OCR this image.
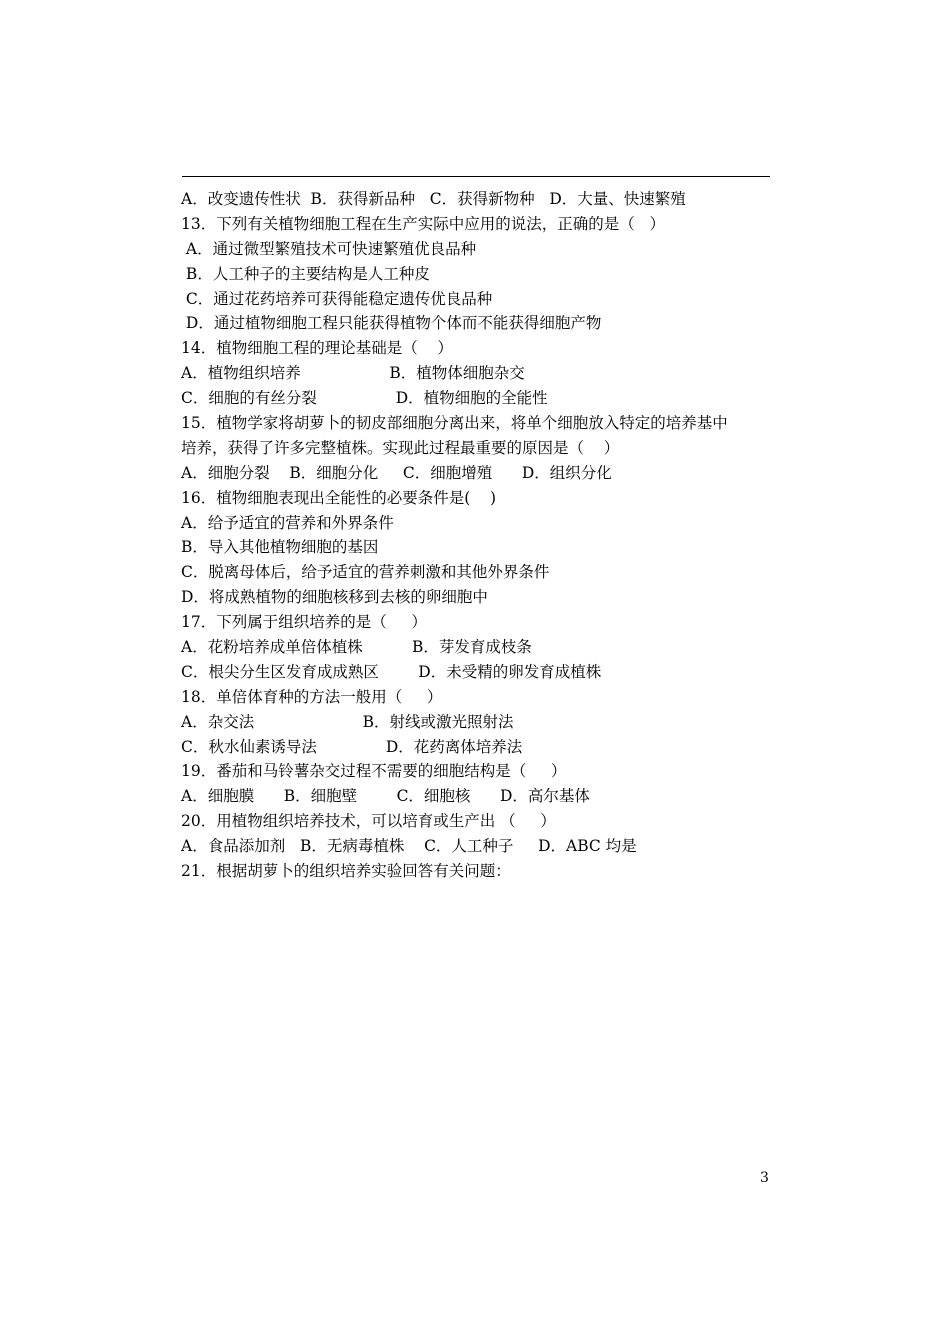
A．改变遗传性状  B．获得新品种   C．获得新物种   D．大量、快速繁殖
13．下列有关植物细胞工程在生产实际中应用的说法，正确的是（   ）
A．通过微型繁殖技术可快速繁殖优良品种
B．人工种子的主要结构是人工种皮
C．通过花药培养可获得能稳定遗传优良品种
D．通过植物细胞工程只能获得植物个体而不能获得细胞产物
14．植物细胞工程的理论基础是（    ）
A．植物组织培养                  B．植物体细胞杂交
C．细胞的有丝分裂                D．植物细胞的全能性
15．植物学家将胡萝卜的韧皮部细胞分离出来，将单个细胞放入特定的培养基中
培养，获得了许多完整植株。实现此过程最重要的原因是（    ）
A．细胞分裂    B．细胞分化     C．细胞增殖      D．组织分化
16．植物细胞表现出全能性的必要条件是(    )
A．给予适宜的营养和外界条件
B．导入其他植物细胞的基因
C．脱离母体后，给予适宜的营养刺激和其他外界条件
D．将成熟植物的细胞核移到去核的卵细胞中
17．下列属于组织培养的是（     ）
A．花粉培养成单倍体植株          B．芽发育成枝条
C．根尖分生区发育成成熟区        D．未受精的卵发育成植株
18．单倍体育种的方法一般用（     ）
A．杂交法                      B．射线或激光照射法
C．秋水仙素诱导法              D．花药离体培养法
19．番茄和马铃薯杂交过程不需要的细胞结构是（     ）
A．细胞膜      B．细胞壁        C．细胞核      D．高尔基体
20．用植物组织培养技术，可以培育或生产出 （     ）
A．食品添加剂   B．无病毒植株    C．人工种子     D．ABC 均是
21．根据胡萝卜的组织培养实验回答有关问题：
3
